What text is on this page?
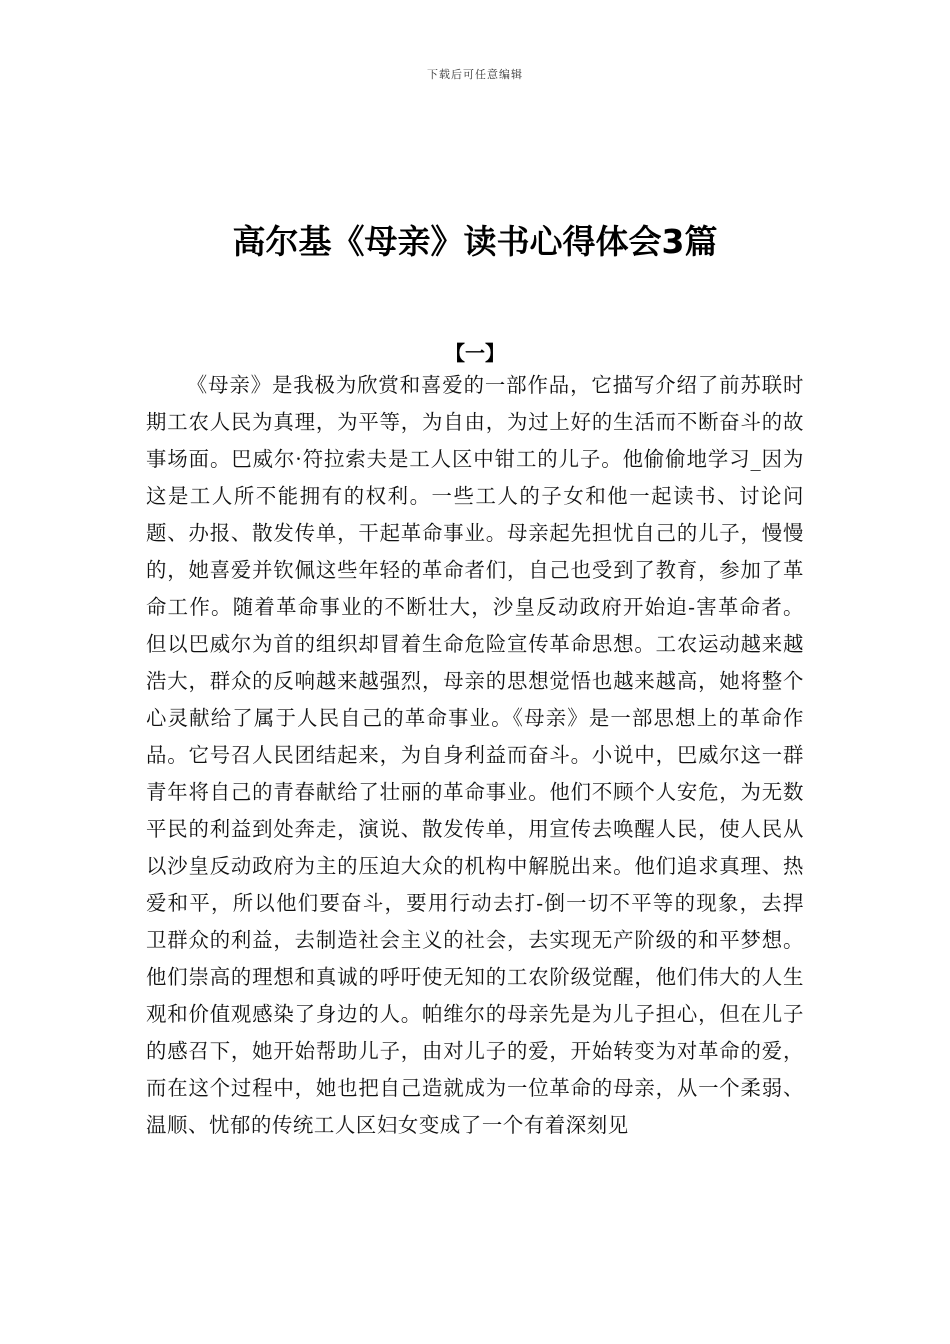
下载后可任意编辑
高尔基《母亲》读书心得体会3篇
【一】

《母亲》是我极为欣赏和喜爱的一部作品，它描写介绍了前苏联时期工农人民为真理，为平等，为自由，为过上好的生活而不断奋斗的故事场面。巴威尔·符拉索夫是工人区中钳工的儿子。他偷偷地学习_因为这是工人所不能拥有的权利。一些工人的子女和他一起读书、讨论问题、办报、散发传单，干起革命事业。母亲起先担忧自己的儿子，慢慢的，她喜爱并钦佩这些年轻的革命者们，自己也受到了教育，参加了革命工作。随着革命事业的不断壮大，沙皇反动政府开始迫-害革命者。但以巴威尔为首的组织却冒着生命危险宣传革命思想。工农运动越来越浩大，群众的反响越来越强烈，母亲的思想觉悟也越来越高，她将整个心灵献给了属于人民自己的革命事业。《母亲》是一部思想上的革命作品。它号召人民团结起来，为自身利益而奋斗。小说中，巴威尔这一群青年将自己的青春献给了壮丽的革命事业。他们不顾个人安危，为无数平民的利益到处奔走，演说、散发传单，用宣传去唤醒人民，使人民从以沙皇反动政府为主的压迫大众的机构中解脱出来。他们追求真理、热爱和平，所以他们要奋斗，要用行动去打-倒一切不平等的现象，去捍卫群众的利益，去制造社会主义的社会，去实现无产阶级的和平梦想。他们崇高的理想和真诚的呼吁使无知的工农阶级觉醒，他们伟大的人生观和价值观感染了身边的人。帕维尔的母亲先是为儿子担心，但在儿子的感召下，她开始帮助儿子，由对儿子的爱，开始转变为对革命的爱，而在这个过程中，她也把自己造就成为一位革命的母亲，从一个柔弱、温顺、忧郁的传统工人区妇女变成了一个有着深刻见
